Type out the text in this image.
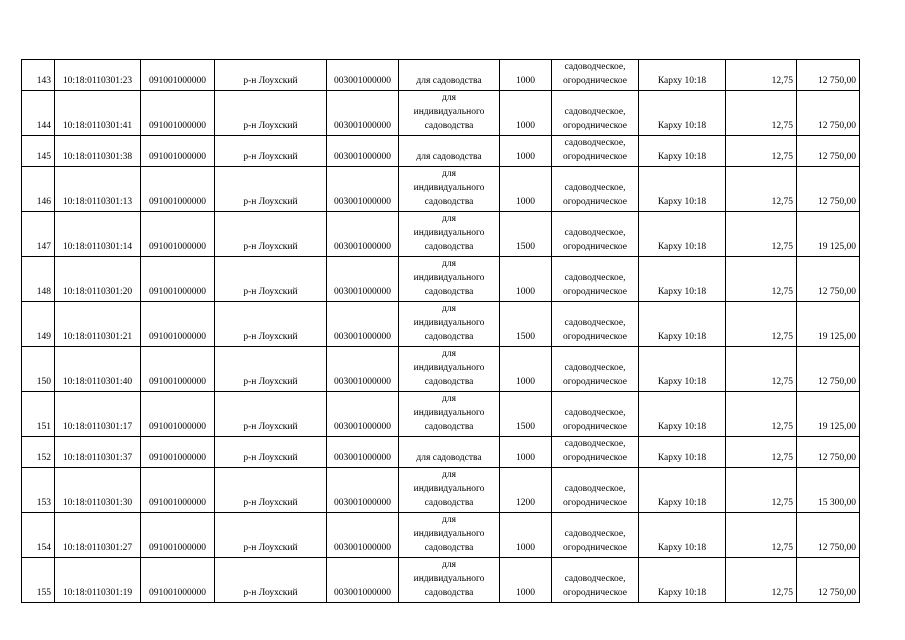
143	10:18:0110301:23	091001000000	р-н Лоухский	003001000000	для садоводства	1000	садоводческое,
огородническое	Карху 10:18	12,75	12 750,00
144	10:18:0110301:41	091001000000	р-н Лоухский	003001000000	для
индивидуального
садоводства	1000	садоводческое,
огородническое	Карху 10:18	12,75	12 750,00
145	10:18:0110301:38	091001000000	р-н Лоухский	003001000000	для садоводства	1000	садоводческое,
огородническое	Карху 10:18	12,75	12 750,00
146	10:18:0110301:13	091001000000	р-н Лоухский	003001000000	для
индивидуального
садоводства	1000	садоводческое,
огородническое	Карху 10:18	12,75	12 750,00
147	10:18:0110301:14	091001000000	р-н Лоухский	003001000000	для
индивидуального
садоводства	1500	садоводческое,
огородническое	Карху 10:18	12,75	19 125,00
148	10:18:0110301:20	091001000000	р-н Лоухский	003001000000	для
индивидуального
садоводства	1000	садоводческое,
огородническое	Карху 10:18	12,75	12 750,00
149	10:18:0110301:21	091001000000	р-н Лоухский	003001000000	для
индивидуального
садоводства	1500	садоводческое,
огородническое	Карху 10:18	12,75	19 125,00
150	10:18:0110301:40	091001000000	р-н Лоухский	003001000000	для
индивидуального
садоводства	1000	садоводческое,
огородническое	Карху 10:18	12,75	12 750,00
151	10:18:0110301:17	091001000000	р-н Лоухский	003001000000	для
индивидуального
садоводства	1500	садоводческое,
огородническое	Карху 10:18	12,75	19 125,00
152	10:18:0110301:37	091001000000	р-н Лоухский	003001000000	для садоводства	1000	садоводческое,
огородническое	Карху 10:18	12,75	12 750,00
153	10:18:0110301:30	091001000000	р-н Лоухский	003001000000	для
индивидуального
садоводства	1200	садоводческое,
огородническое	Карху 10:18	12,75	15 300,00
154	10:18:0110301:27	091001000000	р-н Лоухский	003001000000	для
индивидуального
садоводства	1000	садоводческое,
огородническое	Карху 10:18	12,75	12 750,00
155	10:18:0110301:19	091001000000	р-н Лоухский	003001000000	для
индивидуального
садоводства	1000	садоводческое,
огородническое	Карху 10:18	12,75	12 750,00
